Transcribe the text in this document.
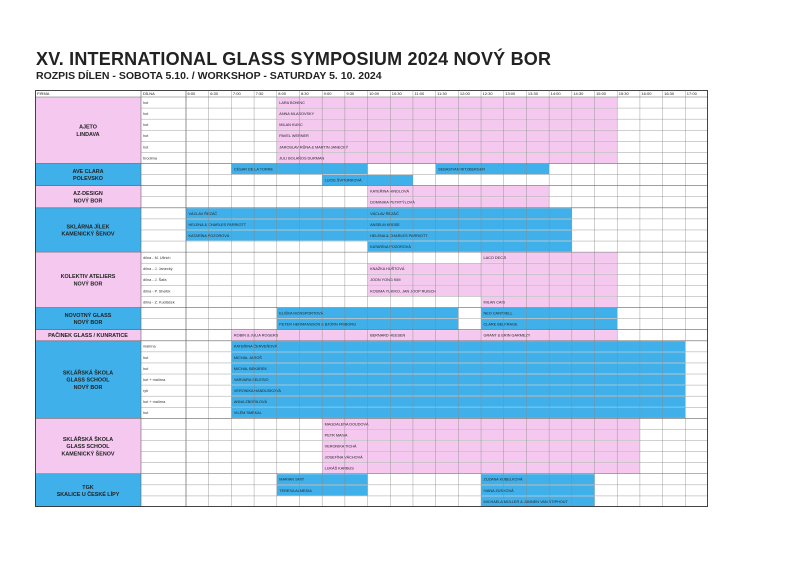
XV. INTERNATIONAL GLASS SYMPOSIUM 2024 NOVÝ BOR
ROZPIS DÍLEN - SOBOTA 5.10. / WORKSHOP - SATURDAY 5. 10. 2024
AJETO
LINDAVA
hot	LARA BOHINC
hot	ANNA MLASOVSKY
hot	MILAN KUNC
hot	PAVEL WERNER
hot	JAROSLAV RŮNA & MARTIN JANECKÝ
brodíma	JULI BOLAÑOS DURMAN
AVE CLARA
POLEVSKO
CÉSAR DE LA TORRE	SEBASTIAN RITZBERGER
LUCIE ŠVITORKOVÁ
AZ-DESIGN
NOVÝ BOR
KATEŘINA HINDLOVÁ
DOMINIKA PETRTÝLOVÁ
SKLÁRNA JÍLEK
KAMENICKÝ ŠENOV
VÁCLAV ŘEZÁČ	VÁCLAV ŘEZÁČ
HELENA & CHARLES PARRIOTT	ANSELM KRÜSE
KATARÍNA POZOROVÁ	HELENA & CHARLES PARRIOTT
KATARÍNA POZOROVÁ
KOLEKTIV ATELIERS
NOVÝ BOR
dílna - M. Ullrich	LACO DECZI
dílna - J. Janecký	KNAŽKA HUŠTOVÁ
dílna - J. Šafa	JOON YONG KIM
dílna - P. Sheltík	KOSIMA YUKIKO, JAN JOOP RUISCH
dílna - Z. Kudláček	MILAN CAIS
NOVOTNÝ GLASS
NOVÝ BOR
ELIŠKA MONSPORTOVÁ	NEO CANTRELL
PETER HERMANSSON & BJÖRN FRIBORG	CLARE BELFRAGE
PAČINEK GLASS / KUNRATICE	ROBIN & JULIA ROGERS	BERNARD HEESEN	GRANT & ERIN GARMEZY
SKLÁŘSKÁ ŠKOLA
GLASS SCHOOL
NOVÝ BOR
malírna	KATEŘINA ČERVEŇOVÁ
hut	MICHAL JAROŠ
hut	MICHAL BEKÁREK
hut + malírna	VARVARA SELESIO
ryti	VERONIKA HANDUSKOVÁ
hut + malírna	ANNA ZBOŘILOVÁ
hut	VILÉM SMEKAL
SKLÁŘSKÁ ŠKOLA
GLASS SCHOOL
KAMENICKÝ ŠENOV
MAGDALENA DOUDOVÁ
PETR MAIVA
VERONIKA TICHÁ
JOSEFÍNA VÁCHOVÁ
LUKÁŠ KARBUS
TGK
SKALICE U ČESKÉ LÍPY
MARIAN SMIT	ZUZANA KUBELKOVÁ
TERESA ALMEIDA	IVANA ZUSKOVÁ
MICHAELA MÜLLER & JANNEN VAN STIPHOUT
FIRMA	DÍLNA	6:00	6:30	7:00	7:30	8:00	8:30	9:00	9:30	10:00	10:30	11:00	11:30	12:00	12:30	13:00	13:30	14:00	14:30	15:00	15:30	16:00	16:30	17:00
